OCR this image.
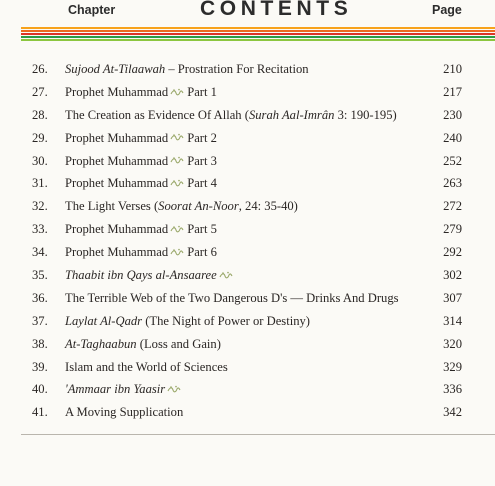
Chapter	CONTENTS	Page
26. Sujood At-Tilaawah – Prostration For Recitation	210
27. Prophet Muhammad Part 1	217
28. The Creation as Evidence Of Allah (Surah Aal-Imrân 3: 190-195)	230
29. Prophet Muhammad Part 2	240
30. Prophet Muhammad Part 3	252
31. Prophet Muhammad Part 4	263
32. The Light Verses (Soorat An-Noor, 24: 35-40)	272
33. Prophet Muhammad Part 5	279
34. Prophet Muhammad Part 6	292
35. Thaabit ibn Qays al-Ansaaree	302
36. The Terrible Web of the Two Dangerous D's — Drinks And Drugs	307
37. Laylat Al-Qadr (The Night of Power or Destiny)	314
38. At-Taghaabun (Loss and Gain)	320
39. Islam and the World of Sciences	329
40. 'Ammaar ibn Yaasir	336
41. A Moving Supplication	342
